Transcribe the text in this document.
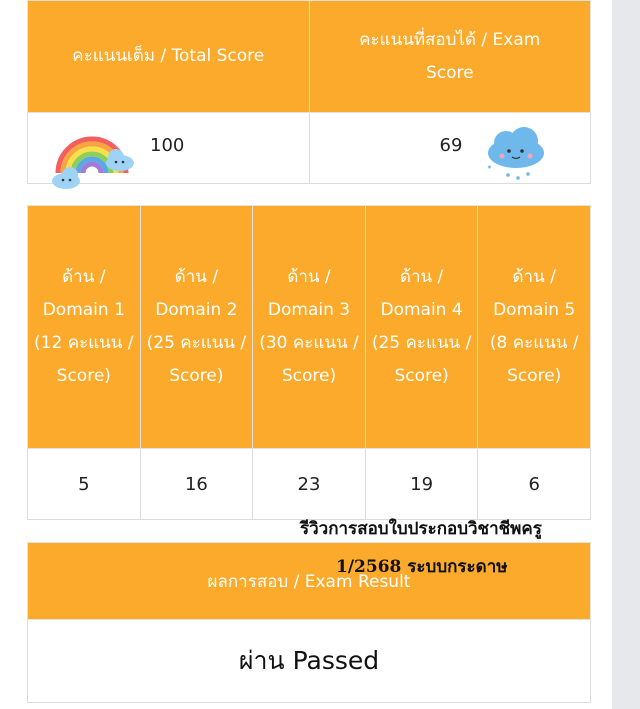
คะแนนเต็ม / Total Score	คะแนนที่สอบได้ / Exam Score

100	69
ด้าน / Domain 1 (12 คะแนน / Score)	ด้าน / Domain 2 (25 คะแนน / Score)	ด้าน / Domain 3 (30 คะแนน / Score)	ด้าน / Domain 4 (25 คะแนน / Score)	ด้าน / Domain 5 (8 คะแนน / Score)
5	16	23	19	6
ผลการสอบ / Exam Result
ผ่าน Passed
รีวิวการสอบใบประกอบวิชาชีพครู
1/2568 ระบบกระดาษ
